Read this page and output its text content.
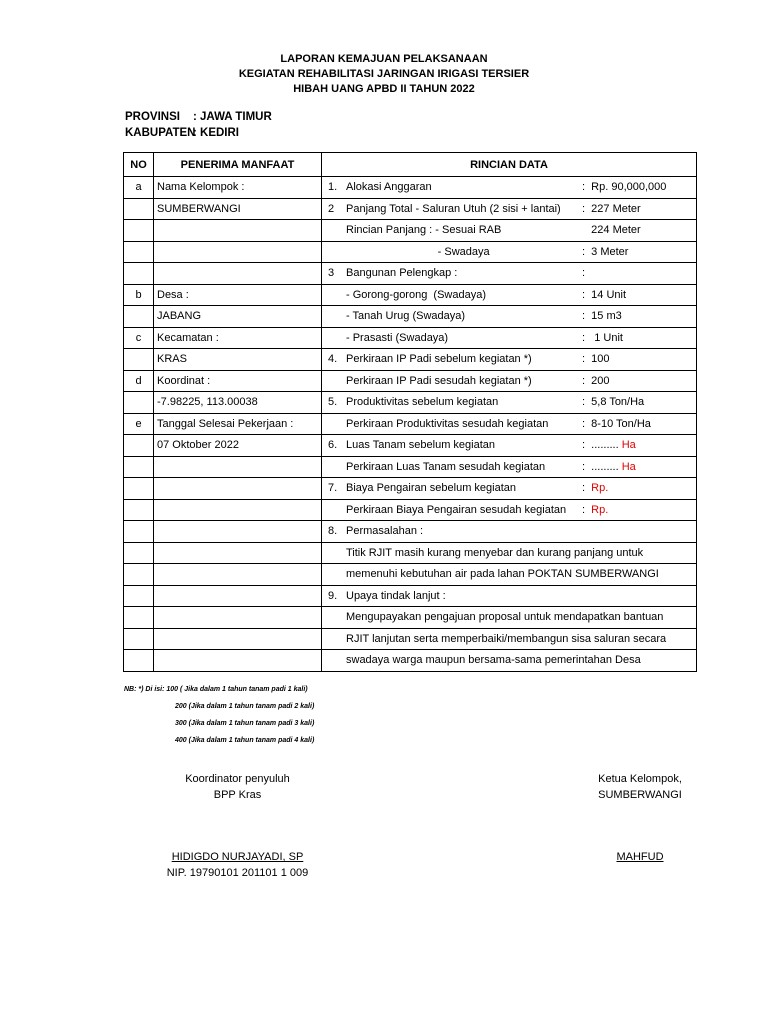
LAPORAN KEMAJUAN PELAKSANAAN
KEGIATAN REHABILITASI JARINGAN IRIGASI TERSIER
HIBAH UANG APBD II TAHUN 2022
PROVINSI : JAWA TIMUR
KABUPATEN
: KEDIRI
NO	PENERIMA MANFAAT	RINCIAN DATA
a	Nama Kelompok :	1. Alokasi Anggaran :  Rp. 90,000,000

	SUMBERWANGI	2 Panjang Total - Saluran Utuh (2 sisi + lantai) :  227 Meter

		Rincian Panjang : - Sesuai RAB 224 Meter

		- Swadaya :  3 Meter

		3 Bangunan Pelengkap : :

b	Desa :	- Gorong-gorong  (Swadaya) :  14 Unit

	JABANG	- Tanah Urug (Swadaya) :  15 m3

c	Kecamatan :	- Prasasti (Swadaya) :   1 Unit

	KRAS	4. Perkiraan IP Padi sebelum kegiatan *) :  100

d	Koordinat :	Perkiraan IP Padi sesudah kegiatan *) :  200

	-7.98225, 113.00038	5. Produktivitas sebelum kegiatan :  5,8 Ton/Ha

e	Tanggal Selesai Pekerjaan :	Perkiraan Produktivitas sesudah kegiatan :  8-10 Ton/Ha

	07 Oktober 2022	6. Luas Tanam sebelum kegiatan :  ......... Ha

		Perkiraan Luas Tanam sesudah kegiatan :  ......... Ha

		7. Biaya Pengairan sebelum kegiatan :  Rp.

		Perkiraan Biaya Pengairan sesudah kegiatan :  Rp.

		8. Permasalahan :

		Titik RJIT masih kurang menyebar dan kurang panjang untuk

		memenuhi kebutuhan air pada lahan POKTAN SUMBERWANGI

		9. Upaya tindak lanjut :

		Mengupayakan pengajuan proposal untuk mendapatkan bantuan

		RJIT lanjutan serta memperbaiki/membangun sisa saluran secara

		swadaya warga maupun bersama-sama pemerintahan Desa
NB: *) Di isi: 100 ( Jika dalam 1 tahun tanam padi 1 kali)
200 (Jika dalam 1 tahun tanam padi 2 kali)
300 (Jika dalam 1 tahun tanam padi 3 kali)
400 (Jika dalam 1 tahun tanam padi 4 kali)
Koordinator penyuluh
BPP Kras
HIDIGDO NURJAYADI, SP
NIP. 19790101 201101 1 009
Ketua Kelompok,
SUMBERWANGI
MAHFUD
